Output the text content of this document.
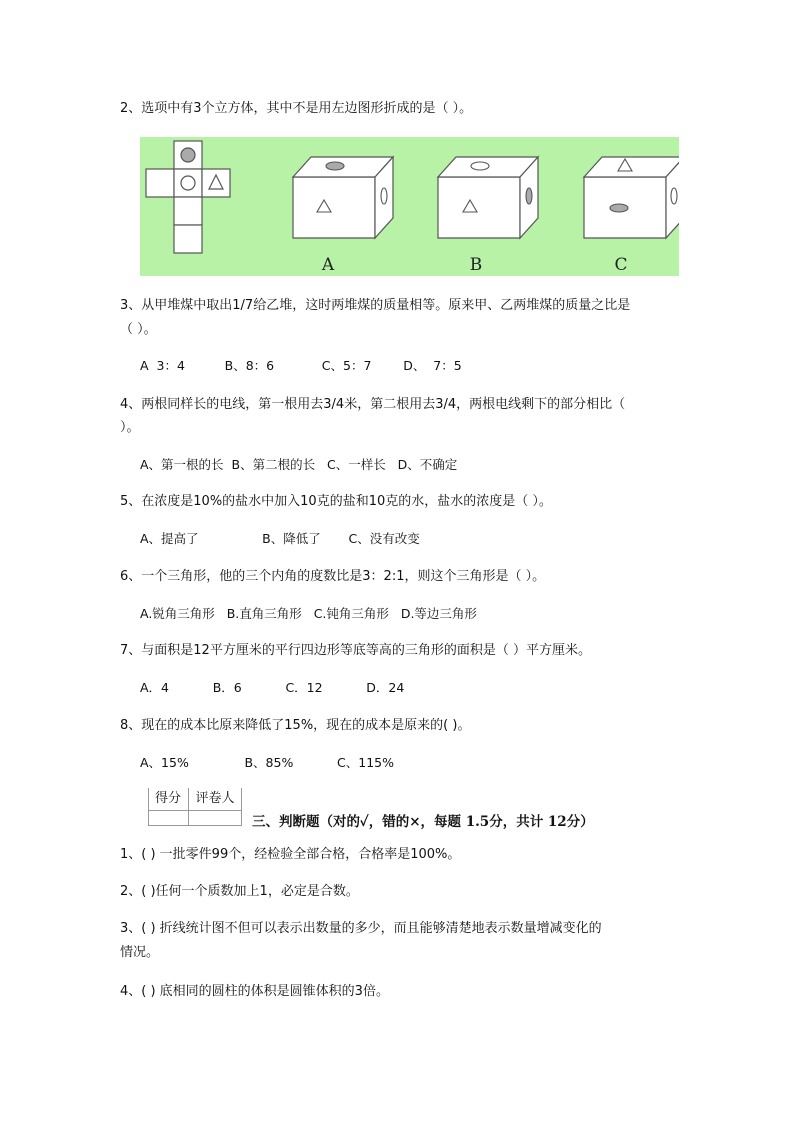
2、选项中有3个立方体，其中不是用左边图形折成的是（ ）。
A	B	C
3、从甲堆煤中取出1/7给乙堆，这时两堆煤的质量相等。原来甲、乙两堆煤的质量之比是
（ ）。
A  3：4          B、8：6            C、5：7        D、  7：5
4、两根同样长的电线，第一根用去3/4米，第二根用去3/4，两根电线剩下的部分相比（
）。
A、第一根的长  B、第二根的长   C、一样长   D、不确定
5、在浓度是10%的盐水中加入10克的盐和10克的水，盐水的浓度是（ ）。
A、提高了                B、降低了       C、没有改变
6、一个三角形，他的三个内角的度数比是3：2:1，则这个三角形是（ ）。
A.锐角三角形   B.直角三角形   C.钝角三角形   D.等边三角形
7、与面积是12平方厘米的平行四边形等底等高的三角形的面积是（ ）平方厘米。
A．4           B．6           C．12           D．24
8、现在的成本比原来降低了15%，现在的成本是原来的( )。
A、15%              B、85%           C、115%
得分	评卷人
三、判断题（对的✓，错的×，每题 1.5分，共计 12分）
1、( ) 一批零件99个，经检验全部合格，合格率是100%。
2、( )任何一个质数加上1，必定是合数。
3、( ) 折线统计图不但可以表示出数量的多少，而且能够清楚地表示数量增减变化的
情况。
4、( ) 底相同的圆柱的体积是圆锥体积的3倍。
